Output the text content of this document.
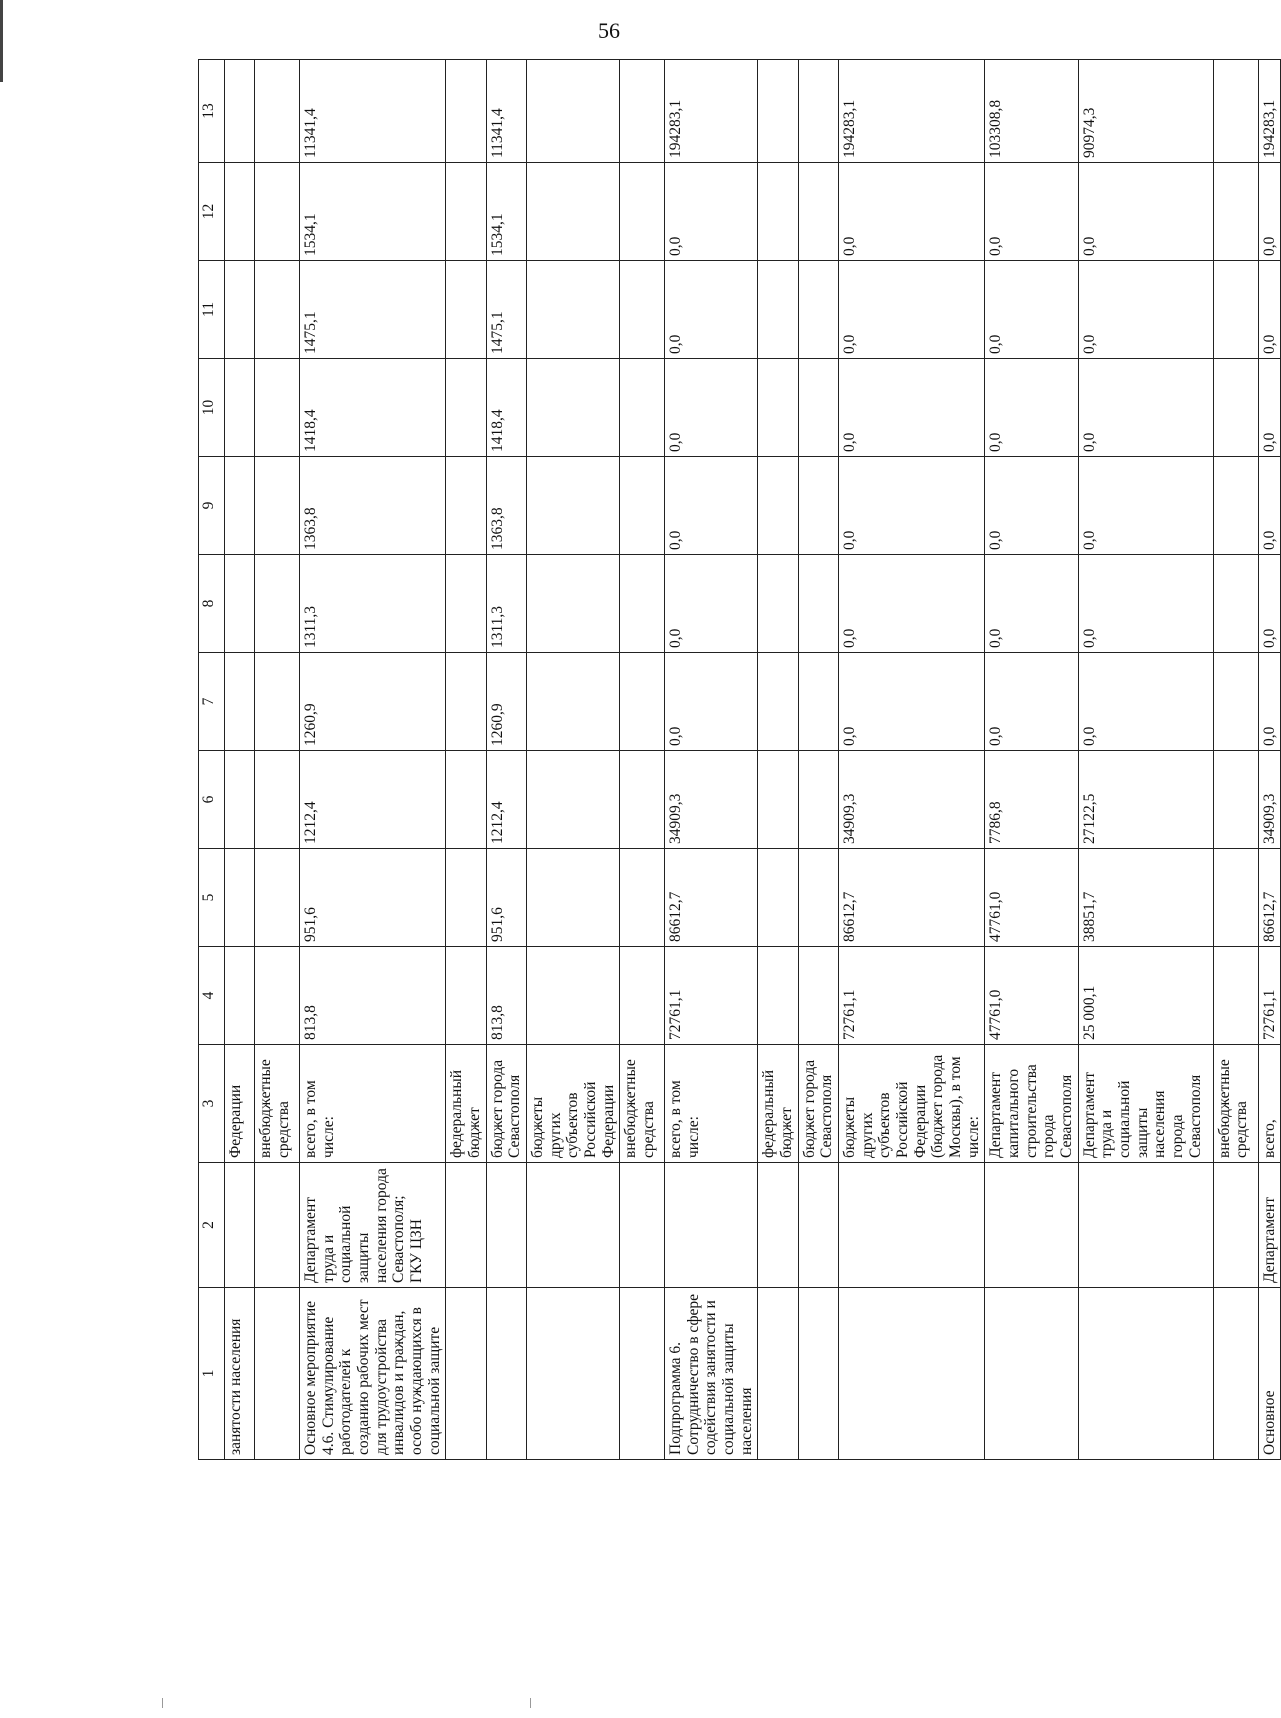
56
1	2	3	4	5	6	7	8	9	10	11	12	13
занятости населения		Федерации										
		внебюджетные средства										
Основное мероприятие 4.6. Стимулирование работодателей к созданию рабочих мест для трудоустройства инвалидов и граждан, особо нуждающихся в социальной защите	Департамент труда и социальной защиты населения города Севастополя; ГКУ ЦЗН	всего, в том числе:	813,8	951,6	1212,4	1260,9	1311,3	1363,8	1418,4	1475,1	1534,1	11341,4
		федеральный бюджет										
		бюджет города Севастополя	813,8	951,6	1212,4	1260,9	1311,3	1363,8	1418,4	1475,1	1534,1	11341,4
		бюджеты других субъектов Российской Федерации										
		внебюджетные средства										
Подпрограмма 6. Сотрудничество в сфере содействия занятости и социальной защиты населения		всего, в том числе:	72761,1	86612,7	34909,3	0,0	0,0	0,0	0,0	0,0	0,0	194283,1
		федеральный бюджет										
		бюджет города Севастополя										
		бюджеты других субъектов Российской Федерации (бюджет города Москвы), в том числе:	72761,1	86612,7	34909,3	0,0	0,0	0,0	0,0	0,0	0,0	194283,1
		Департамент капитального строительства города Севастополя	47761,0	47761,0	7786,8	0,0	0,0	0,0	0,0	0,0	0,0	103308,8
		Департамент труда и социальной защиты населения города Севастополя	25 000,1	38851,7	27122,5	0,0	0,0	0,0	0,0	0,0	0,0	90974,3
		внебюджетные средства										
Основное	Департамент	всего,	72761,1	86612,7	34909,3	0,0	0,0	0,0	0,0	0,0	0,0	194283,1
